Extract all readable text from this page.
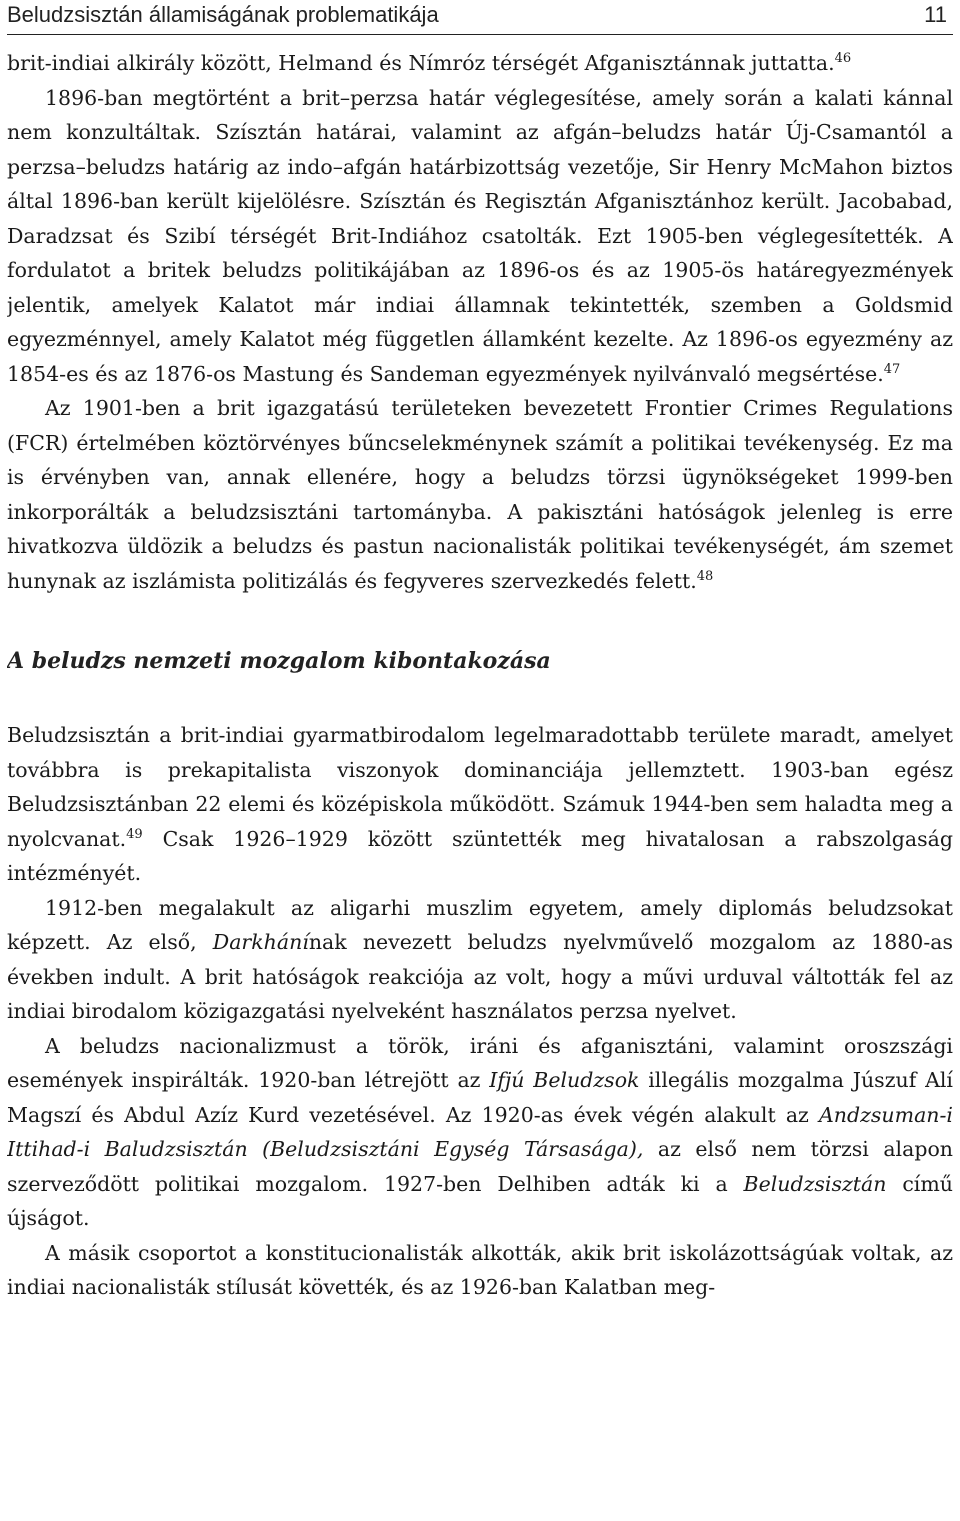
Beludzsisztán államiságának problematikája	11

brit-indiai alkirály között, Helmand és Nímróz térségét Afganisztánnak juttatta.$^{46}$

1896-ban megtörtént a brit–perzsa határ véglegesítése, amely során a kalati kánnal nem konzultáltak. Szísztán határai, valamint az afgán–beludzs határ Új-Csamantól a perzsa–beludzs határig az indo–afgán határbizottság vezetője, Sir Henry McMahon biztos által 1896-ban került kijelölésre. Szísztán és Regisztán Afganisztánhoz került. Jacobabad, Daradzsat és Szibí térségét Brit-Indiához csatolták. Ezt 1905-ben véglegesítették. A fordulatot a britek beludzs politikájában az 1896-os és az 1905-ös határegyezmények jelentik, amelyek Kalatot már indiai államnak tekintették, szemben a Goldsmid egyezménnyel, amely Kalatot még független államként kezelte. Az 1896-os egyezmény az 1854-es és az 1876-os Mastung és Sandeman egyezmények nyilvánvaló megsértése.$^{47}$

Az 1901-ben a brit igazgatású területeken bevezetett Frontier Crimes Regulations (FCR) értelmében köztörvényes bűncselekménynek számít a politikai tevékenység. Ez ma is érvényben van, annak ellenére, hogy a beludzs törzsi ügynökségeket 1999-ben inkorporálták a beludzsisztáni tartományba. A pakisztáni hatóságok jelenleg is erre hivatkozva üldözik a beludzs és pastun nacionalisták politikai tevékenységét, ám szemet hunynak az iszlámista politizálás és fegyveres szervezkedés felett.$^{48}$

A beludzs nemzeti mozgalom kibontakozása

Beludzsisztán a brit-indiai gyarmatbirodalom legelmaradottabb területe maradt, amelyet továbbra is prekapitalista viszonyok dominanciája jellemztett. 1903-ban egész Beludzsisztánban 22 elemi és középiskola működött. Számuk 1944-ben sem haladta meg a nyolcvanat.$^{49}$ Csak 1926–1929 között szüntették meg hivatalosan a rabszolgaság intézményét.

1912-ben megalakult az aligarhi muszlim egyetem, amely diplomás beludzsokat képzett. Az első, Darkhánínak nevezett beludzs nyelvművelő mozgalom az 1880-as években indult. A brit hatóságok reakciója az volt, hogy a művi urduval váltották fel az indiai birodalom közigazgatási nyelveként használatos perzsa nyelvet.

A beludzs nacionalizmust a török, iráni és afganisztáni, valamint oroszszági események inspirálták. 1920-ban létrejött az Ifjú Beludzsok illegális mozgalma Júszuf Alí Magszí és Abdul Azíz Kurd vezetésével. Az 1920-as évek végén alakult az Andzsuman-i Ittihad-i Baludzsisztán (Beludzsisztáni Egység Társasága), az első nem törzsi alapon szerveződött politikai mozgalom. 1927-ben Delhiben adták ki a Beludzsisztán című újságot.

A másik csoportot a konstitucionalisták alkották, akik brit iskolázottságúak voltak, az indiai nacionalisták stílusát követték, és az 1926-ban Kalatban meg-
